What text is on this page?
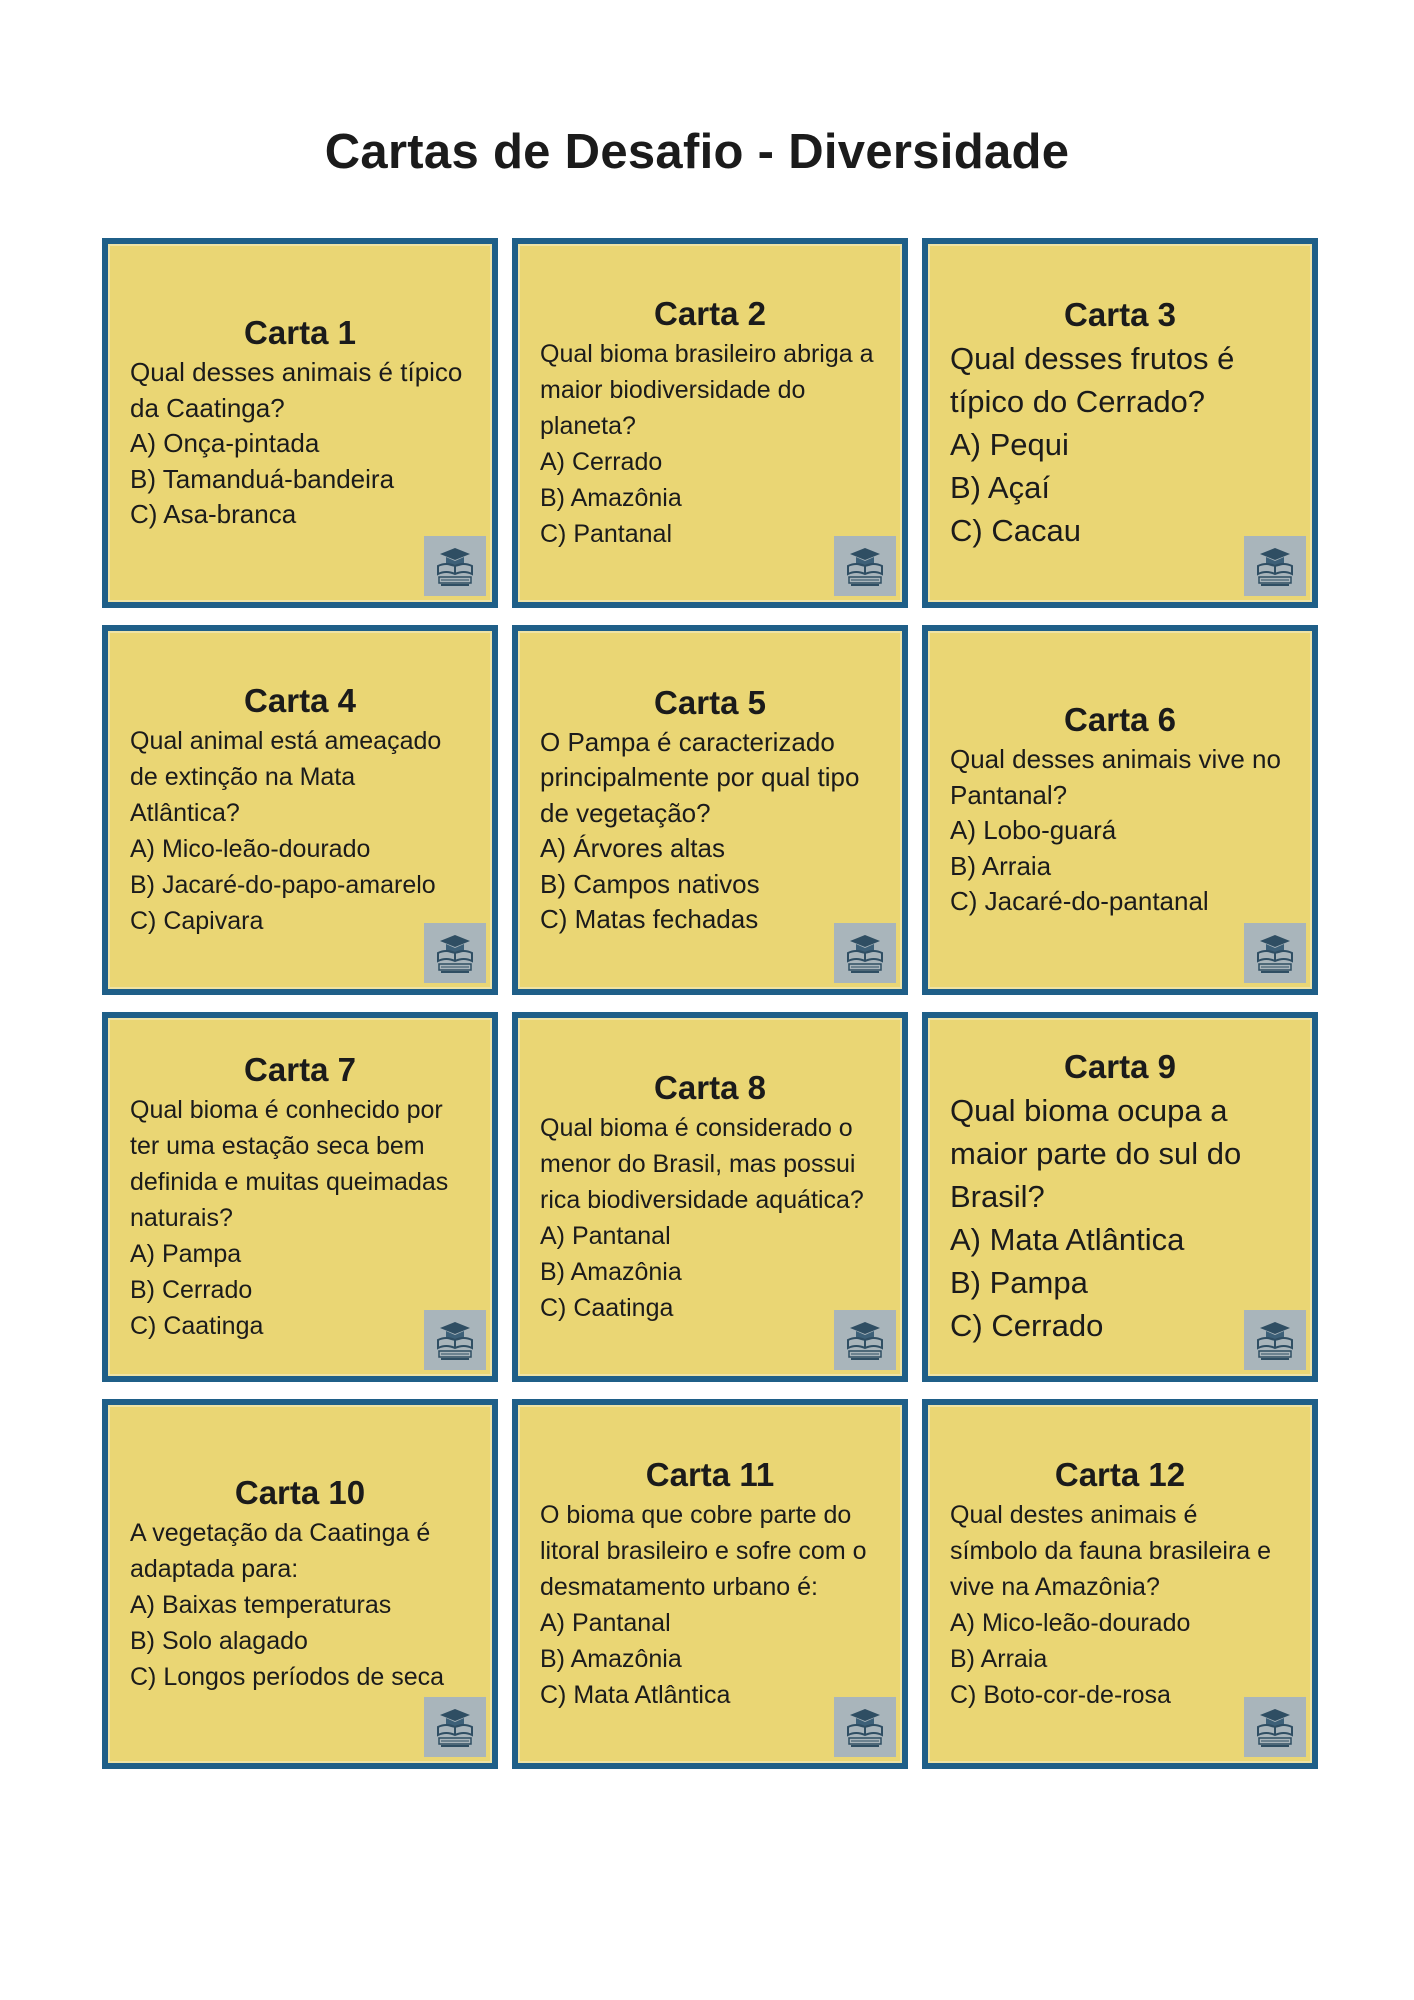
Cartas de Desafio - Diversidade

Carta 1

Qual desses animais é típico da Caatinga?

A) Onça-pintada

B) Tamanduá-bandeira

C) Asa-branca

Carta 2

Qual bioma brasileiro abriga a maior biodiversidade do planeta?

A) Cerrado

B) Amazônia

C) Pantanal

Carta 3

Qual desses frutos é típico do Cerrado?

A) Pequi

B) Açaí

C) Cacau

Carta 4

Qual animal está ameaçado de extinção na Mata Atlântica?

A) Mico-leão-dourado

B) Jacaré-do-papo-amarelo

C) Capivara

Carta 5

O Pampa é caracterizado principalmente por qual tipo de vegetação?

A) Árvores altas

B) Campos nativos

C) Matas fechadas

Carta 6

Qual desses animais vive no Pantanal?

A) Lobo-guará

B) Arraia

C) Jacaré-do-pantanal

Carta 7

Qual bioma é conhecido por ter uma estação seca bem definida e muitas queimadas naturais?

A) Pampa

B) Cerrado

C) Caatinga

Carta 8

Qual bioma é considerado o menor do Brasil, mas possui rica biodiversidade aquática?

A) Pantanal

B) Amazônia

C) Caatinga

Carta 9

Qual bioma ocupa a maior parte do sul do Brasil?

A) Mata Atlântica

B) Pampa

C) Cerrado

Carta 10

A vegetação da Caatinga é adaptada para:

A) Baixas temperaturas

B) Solo alagado

C) Longos períodos de seca

Carta 11

O bioma que cobre parte do litoral brasileiro e sofre com o desmatamento urbano é:

A) Pantanal

B) Amazônia

C) Mata Atlântica

Carta 12

Qual destes animais é símbolo da fauna brasileira e vive na Amazônia?

A) Mico-leão-dourado

B) Arraia

C) Boto-cor-de-rosa
